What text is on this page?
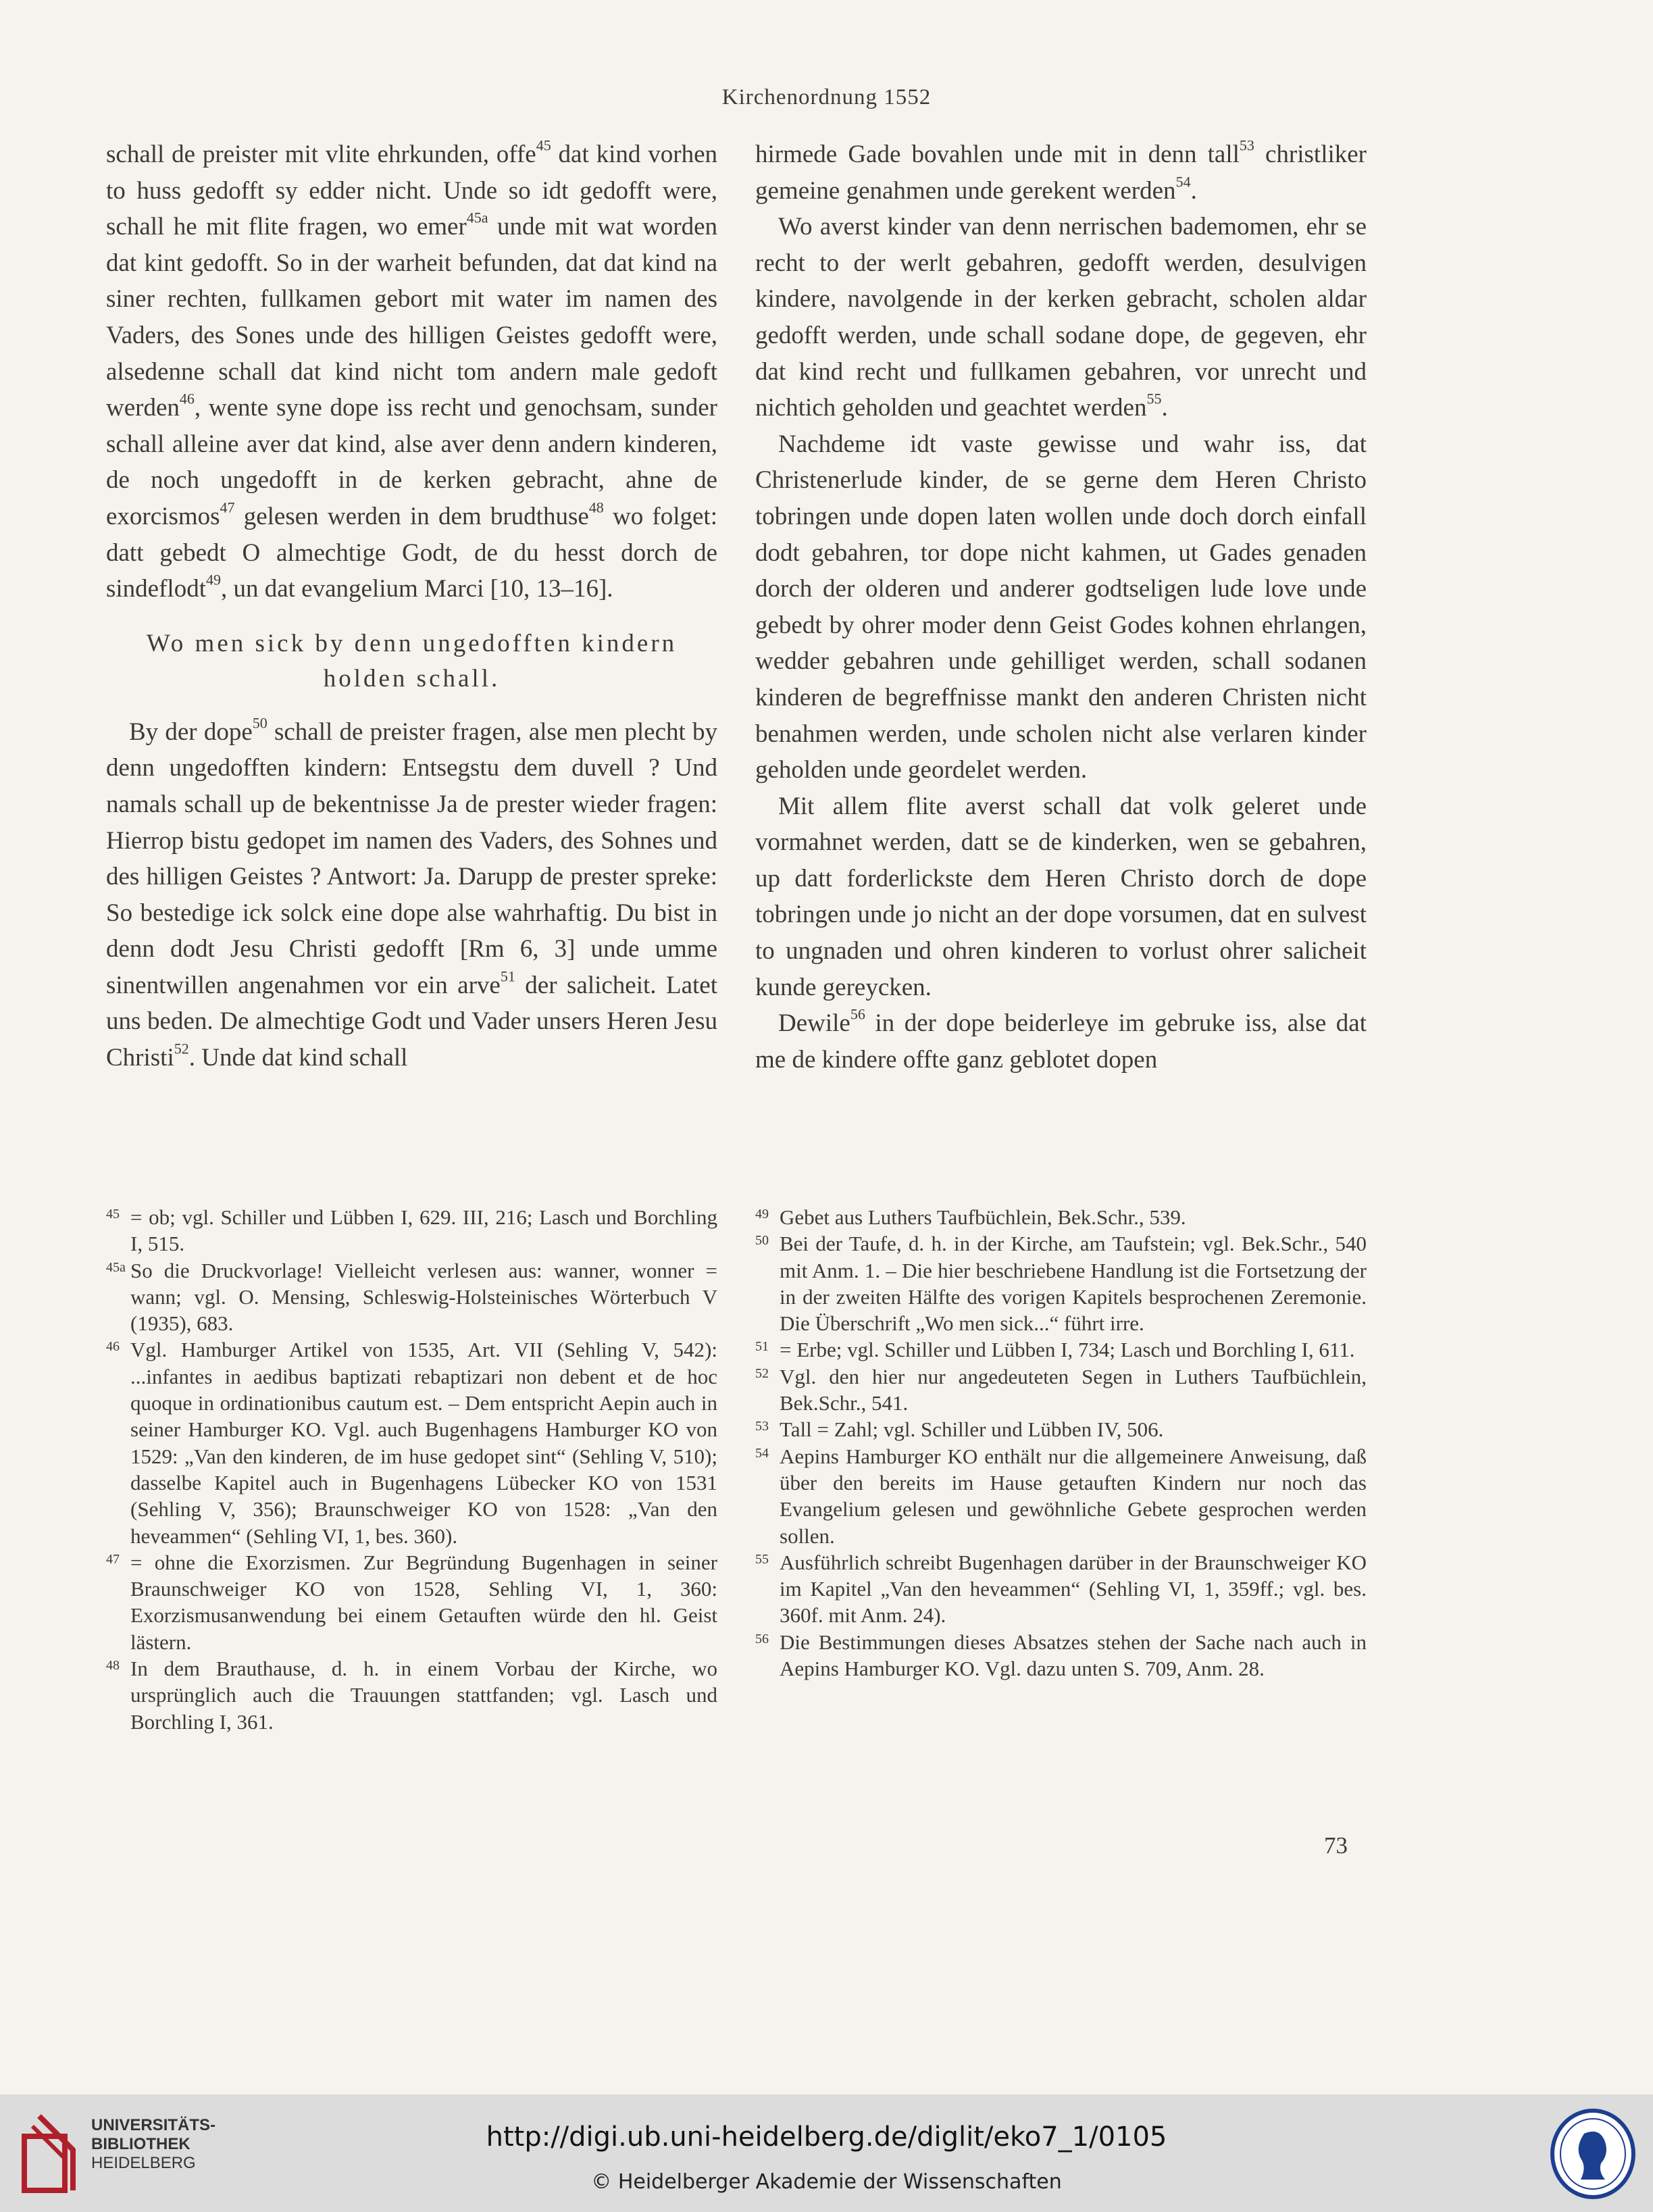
Kirchenordnung 1552

schall de preister mit vlite ehrkunden, offe$^{45}$ dat kind vorhen to huss gedofft sy edder nicht. Unde so idt gedofft were, schall he mit flite fragen, wo emer$^{45a}$ unde mit wat worden dat kint gedofft. So in der warheit befunden, dat dat kind na siner rechten, fullkamen gebort mit water im namen des Vaders, des Sones unde des hilligen Geistes gedofft were, alsedenne schall dat kind nicht tom andern male gedoft werden$^{46}$, wente syne dope iss recht und genochsam, sunder schall alleine aver dat kind, alse aver denn andern kinderen, de noch ungedofft in de kerken gebracht, ahne de exorcismos$^{47}$ gelesen werden in dem brudthuse$^{48}$ wo folget: datt gebedt O almechtige Godt, de du hesst dorch de sindeflodt$^{49}$, un dat evangelium Marci [10, 13–16].

Wo men sick by denn ungedofften kindern holden schall.

By der dope$^{50}$ schall de preister fragen, alse men plecht by denn ungedofften kindern: Entsegstu dem duvell ? Und namals schall up de bekentnisse Ja de prester wieder fragen: Hierrop bistu gedopet im namen des Vaders, des Sohnes und des hilligen Geistes ? Antwort: Ja. Darupp de prester spreke: So bestedige ick solck eine dope alse wahrhaftig. Du bist in denn dodt Jesu Christi gedofft [Rm 6, 3] unde umme sinentwillen angenahmen vor ein arve$^{51}$ der salicheit. Latet uns beden. De almechtige Godt und Vader unsers Heren Jesu Christi$^{52}$. Unde dat kind schall

hirmede Gade bovahlen unde mit in denn tall$^{53}$ christliker gemeine genahmen unde gerekent werden$^{54}$.

Wo averst kinder van denn nerrischen bademomen, ehr se recht to der werlt gebahren, gedofft werden, desulvigen kindere, navolgende in der kerken gebracht, scholen aldar gedofft werden, unde schall sodane dope, de gegeven, ehr dat kind recht und fullkamen gebahren, vor unrecht und nichtich geholden und geachtet werden$^{55}$.

Nachdeme idt vaste gewisse und wahr iss, dat Christenerlude kinder, de se gerne dem Heren Christo tobringen unde dopen laten wollen unde doch dorch einfall dodt gebahren, tor dope nicht kahmen, ut Gades genaden dorch der olderen und anderer godtseligen lude love unde gebedt by ohrer moder denn Geist Godes kohnen ehrlangen, wedder gebahren unde gehilliget werden, schall sodanen kinderen de begreffnisse mankt den anderen Christen nicht benahmen werden, unde scholen nicht alse verlaren kinder geholden unde geordelet werden.

Mit allem flite averst schall dat volk geleret unde vormahnet werden, datt se de kinderken, wen se gebahren, up datt forderlickste dem Heren Christo dorch de dope tobringen unde jo nicht an der dope vorsumen, dat en sulvest to ungnaden und ohren kinderen to vorlust ohrer salicheit kunde gereycken.

Dewile$^{56}$ in der dope beiderleye im gebruke iss, alse dat me de kindere offte ganz geblotet dopen

45 = ob; vgl. Schiller und Lübben I, 629. III, 216; Lasch und Borchling I, 515.

45a So die Druckvorlage! Vielleicht verlesen aus: wanner, wonner = wann; vgl. O. Mensing, Schleswig-Holsteinisches Wörterbuch V (1935), 683.

46 Vgl. Hamburger Artikel von 1535, Art. VII (Sehling V, 542): ...infantes in aedibus baptizati rebaptizari non debent et de hoc quoque in ordinationibus cautum est. – Dem entspricht Aepin auch in seiner Hamburger KO. Vgl. auch Bugenhagens Hamburger KO von 1529: „Van den kinderen, de im huse gedopet sint“ (Sehling V, 510); dasselbe Kapitel auch in Bugenhagens Lübecker KO von 1531 (Sehling V, 356); Braunschweiger KO von 1528: „Van den heveammen“ (Sehling VI, 1, bes. 360).

47 = ohne die Exorzismen. Zur Begründung Bugenhagen in seiner Braunschweiger KO von 1528, Sehling VI, 1, 360: Exorzismusanwendung bei einem Getauften würde den hl. Geist lästern.

48 In dem Brauthause, d. h. in einem Vorbau der Kirche, wo ursprünglich auch die Trauungen stattfanden; vgl. Lasch und Borchling I, 361.

49 Gebet aus Luthers Taufbüchlein, Bek.Schr., 539.

50 Bei der Taufe, d. h. in der Kirche, am Taufstein; vgl. Bek.Schr., 540 mit Anm. 1. – Die hier beschriebene Handlung ist die Fortsetzung der in der zweiten Hälfte des vorigen Kapitels besprochenen Zeremonie. Die Überschrift „Wo men sick...“ führt irre.

51 = Erbe; vgl. Schiller und Lübben I, 734; Lasch und Borchling I, 611.

52 Vgl. den hier nur angedeuteten Segen in Luthers Taufbüchlein, Bek.Schr., 541.

53 Tall = Zahl; vgl. Schiller und Lübben IV, 506.

54 Aepins Hamburger KO enthält nur die allgemeinere Anweisung, daß über den bereits im Hause getauften Kindern nur noch das Evangelium gelesen und gewöhnliche Gebete gesprochen werden sollen.

55 Ausführlich schreibt Bugenhagen darüber in der Braunschweiger KO im Kapitel „Van den heveammen“ (Sehling VI, 1, 359ff.; vgl. bes. 360f. mit Anm. 24).

56 Die Bestimmungen dieses Absatzes stehen der Sache nach auch in Aepins Hamburger KO. Vgl. dazu unten S. 709, Anm. 28.

73
UNIVERSITÄTS-
BIBLIOTHEK
HEIDELBERG
http://digi.ub.uni-heidelberg.de/diglit/eko7_1/0105
© Heidelberger Akademie der Wissenschaften
